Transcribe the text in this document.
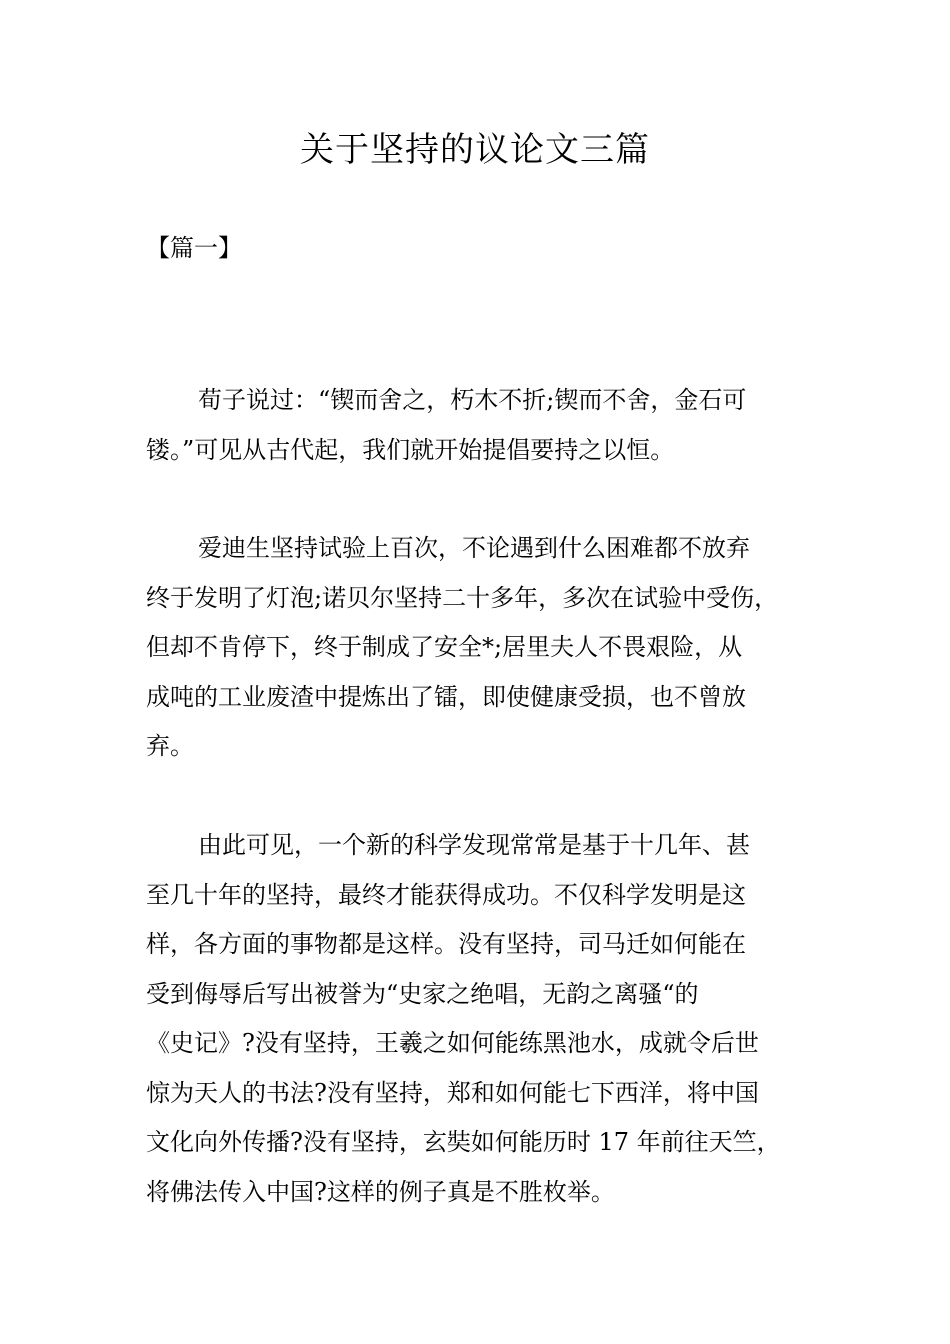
关于坚持的议论文三篇
【篇一】
荀子说过：“锲而舍之，朽木不折;锲而不舍，金石可
镂。”可见从古代起，我们就开始提倡要持之以恒。
爱迪生坚持试验上百次，不论遇到什么困难都不放弃
终于发明了灯泡;诺贝尔坚持二十多年，多次在试验中受伤，
但却不肯停下，终于制成了安全*;居里夫人不畏艰险，从
成吨的工业废渣中提炼出了镭，即使健康受损，也不曾放
弃。
由此可见，一个新的科学发现常常是基于十几年、甚
至几十年的坚持，最终才能获得成功。不仅科学发明是这
样，各方面的事物都是这样。没有坚持，司马迁如何能在
受到侮辱后写出被誉为“史家之绝唱，无韵之离骚“的
《史记》?没有坚持，王羲之如何能练黑池水，成就令后世
惊为天人的书法?没有坚持，郑和如何能七下西洋，将中国
文化向外传播?没有坚持，玄奘如何能历时 17 年前往天竺，
将佛法传入中国?这样的例子真是不胜枚举。
